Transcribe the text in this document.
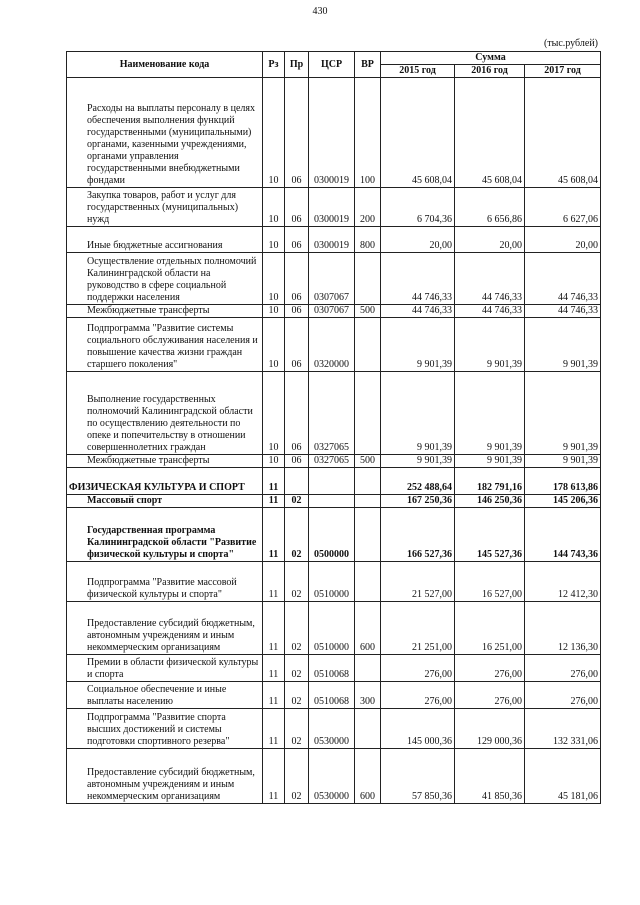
430
(тыс.рублей)
Наименование кода	Рз	Пр	ЦСР	ВР	Сумма		
					2015 год	2016 год	2017 год
Расходы на выплаты персоналу в целях обеспечения выполнения функций государственными (муниципальными) органами, казенными учреждениями, органами управления государственными внебюджетными фондами	10	06	0300019	100	45 608,04	45 608,04	45 608,04
Закупка товаров, работ и услуг для государственных (муниципальных) нужд	10	06	0300019	200	6 704,36	6 656,86	6 627,06
Иные бюджетные ассигнования	10	06	0300019	800	20,00	20,00	20,00
Осуществление отдельных полномочий Калининградской области на руководство в сфере социальной поддержки населения	10	06	0307067		44 746,33	44 746,33	44 746,33
Межбюджетные трансферты	10	06	0307067	500	44 746,33	44 746,33	44 746,33
Подпрограмма "Развитие системы социального обслуживания населения и повышение качества жизни граждан старшего поколения"	10	06	0320000		9 901,39	9 901,39	9 901,39
Выполнение государственных полномочий Калининградской области по осуществлению деятельности по опеке и попечительству в отношении совершеннолетних граждан	10	06	0327065		9 901,39	9 901,39	9 901,39
Межбюджетные трансферты	10	06	0327065	500	9 901,39	9 901,39	9 901,39
ФИЗИЧЕСКАЯ КУЛЬТУРА И СПОРТ	11				252 488,64	182 791,16	178 613,86
Массовый спорт	11	02			167 250,36	146 250,36	145 206,36
Государственная программа Калининградской области "Развитие физической культуры и спорта"	11	02	0500000		166 527,36	145 527,36	144 743,36
Подпрограмма "Развитие массовой физической культуры и спорта"	11	02	0510000		21 527,00	16 527,00	12 412,30
Предоставление субсидий бюджетным, автономным учреждениям и иным некоммерческим организациям	11	02	0510000	600	21 251,00	16 251,00	12 136,30
Премии в области физической культуры и спорта	11	02	0510068		276,00	276,00	276,00
Социальное обеспечение и иные выплаты населению	11	02	0510068	300	276,00	276,00	276,00
Подпрограмма "Развитие спорта высших достижений и системы подготовки спортивного резерва"	11	02	0530000		145 000,36	129 000,36	132 331,06
Предоставление субсидий бюджетным, автономным учреждениям и иным некоммерческим организациям	11	02	0530000	600	57 850,36	41 850,36	45 181,06
